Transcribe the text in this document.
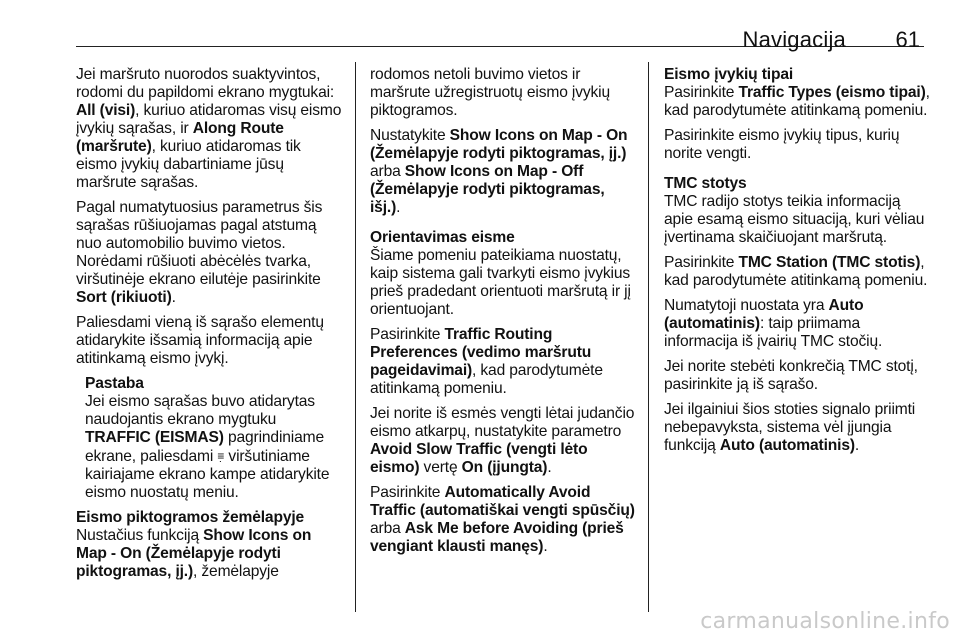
Navigacija 61

Jei maršruto nuorodos suaktyvintos, rodomi du papildomi ekrano mygtukai: All (visi), kuriuo atidaromas visų eismo įvykių sąrašas, ir Along Route (maršrute), kuriuo atidaromas tik eismo įvykių dabartiniame jūsų maršrute sąrašas.

Pagal numatytuosius parametrus šis sąrašas rūšiuojamas pagal atstumą nuo automobilio buvimo vietos. Norėdami rūšiuoti abėcėlės tvarka, viršutinėje ekrano eilutėje pasirinkite Sort (rikiuoti).

Paliesdami vieną iš sąrašo elementų atidarykite išsamią informaciją apie atitinkamą eismo įvykį.

Pastaba

Jei eismo sąrašas buvo atidarytas naudojantis ekrano mygtuku TRAFFIC (EISMAS) pagrindiniame ekrane, paliesdami ≡̣ viršutiniame kairiajame ekrano kampe atidarykite eismo nuostatų meniu.

Eismo piktogramos žemėlapyje

Nustačius funkciją Show Icons on Map - On (Žemėlapyje rodyti piktogramas, įj.), žemėlapyje

rodomos netoli buvimo vietos ir maršrute užregistruotų eismo įvykių piktogramos.

Nustatykite Show Icons on Map - On (Žemėlapyje rodyti piktogramas, įj.) arba Show Icons on Map - Off (Žemėlapyje rodyti piktogramas, išj.).

Orientavimas eisme

Šiame pomeniu pateikiama nuostatų, kaip sistema gali tvarkyti eismo įvykius prieš pradedant orientuoti maršrutą ir jį orientuojant.

Pasirinkite Traffic Routing Preferences (vedimo maršrutu pageidavimai), kad parodytumėte atitinkamą pomeniu.

Jei norite iš esmės vengti lėtai judančio eismo atkarpų, nustatykite parametro Avoid Slow Traffic (vengti lėto eismo) vertę On (įjungta).

Pasirinkite Automatically Avoid Traffic (automatiškai vengti spūsčių) arba Ask Me before Avoiding (prieš vengiant klausti manęs).

Eismo įvykių tipai

Pasirinkite Traffic Types (eismo tipai), kad parodytumėte atitinkamą pomeniu.

Pasirinkite eismo įvykių tipus, kurių norite vengti.

TMC stotys

TMC radijo stotys teikia informaciją apie esamą eismo situaciją, kuri vėliau įvertinama skaičiuojant maršrutą.

Pasirinkite TMC Station (TMC stotis), kad parodytumėte atitinkamą pomeniu.

Numatytoji nuostata yra Auto (automatinis): taip priimama informacija iš įvairių TMC stočių.

Jei norite stebėti konkrečią TMC stotį, pasirinkite ją iš sąrašo.

Jei ilgainiui šios stoties signalo priimti nebepavyksta, sistema vėl įjungia funkciją Auto (automatinis).

carmanualsonline.info
